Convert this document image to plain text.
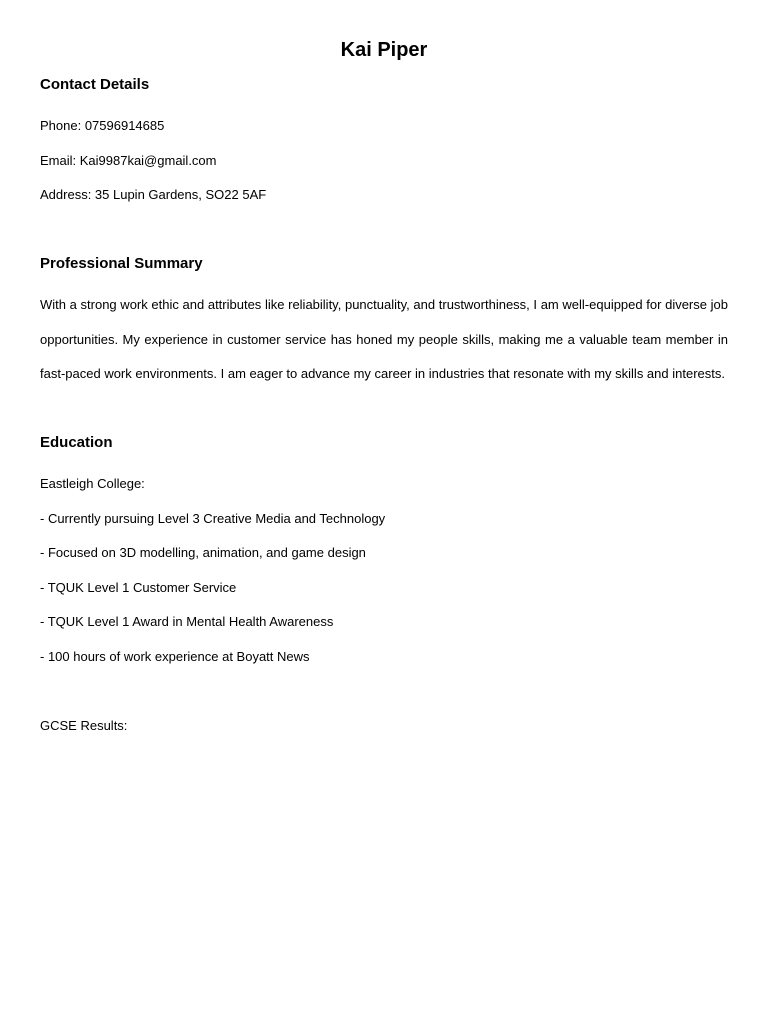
Kai Piper
Contact Details
Phone: 07596914685
Email: Kai9987kai@gmail.com
Address: 35 Lupin Gardens, SO22 5AF
Professional Summary
With a strong work ethic and attributes like reliability, punctuality, and trustworthiness, I am well-equipped for diverse job
opportunities. My experience in customer service has honed my people skills, making me a valuable team member in
fast-paced work environments. I am eager to advance my career in industries that resonate with my skills and interests.
Education
Eastleigh College:
- Currently pursuing Level 3 Creative Media and Technology
- Focused on 3D modelling, animation, and game design
- TQUK Level 1 Customer Service
- TQUK Level 1 Award in Mental Health Awareness
- 100 hours of work experience at Boyatt News
GCSE Results:
